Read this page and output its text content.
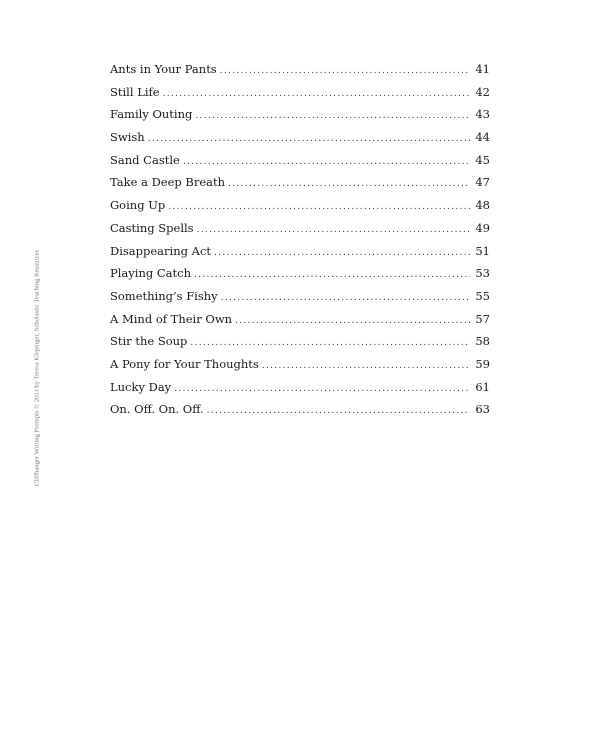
Ants in Your Pants .....	41
Still Life .....	42
Family Outing .....	43
Swish .....	44
Sand Castle .....	45
Take a Deep Breath .....	47
Going Up .....	48
Casting Spells .....	49
Disappearing Act .....	51
Playing Catch .....	53
Something’s Fishy .....	55
A Mind of Their Own .....	57
Stir the Soup .....	58
A Pony for Your Thoughts .....	59
Lucky Day .....	61
On. Off. On. Off. .....	63
Cliffhanger Writing Prompts © 2011 by Teresa Klepinger, Scholastic Teaching Resources
